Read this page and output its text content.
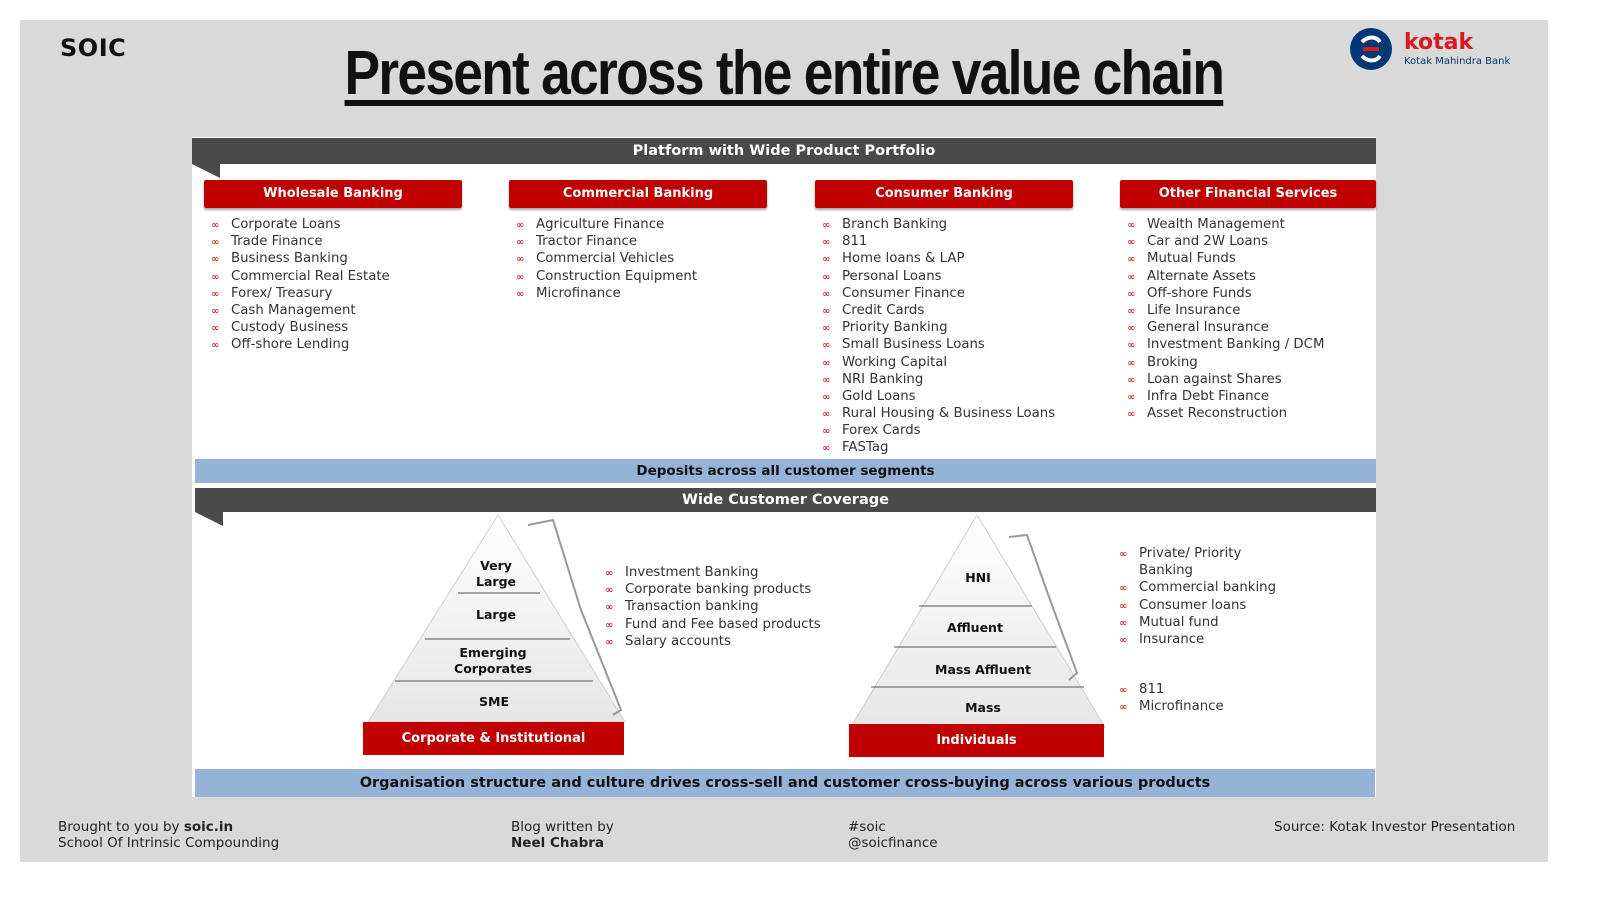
SOIC	Present across the entire value chain	kotak
Kotak Mahindra Bank
Platform with Wide Product Portfolio
Wholesale Banking	Commercial Banking	Consumer Banking	Other Financial Services
∞ Corporate Loans
∞ Trade Finance
∞ Business Banking
∞ Commercial Real Estate
∞ Forex/ Treasury
∞ Cash Management
∞ Custody Business
∞ Off-shore Lending
∞ Agriculture Finance
∞ Tractor Finance
∞ Commercial Vehicles
∞ Construction Equipment
∞ Microfinance
∞ Branch Banking
∞ 811
∞ Home loans & LAP
∞ Personal Loans
∞ Consumer Finance
∞ Credit Cards
∞ Priority Banking
∞ Small Business Loans
∞ Working Capital
∞ NRI Banking
∞ Gold Loans
∞ Rural Housing & Business Loans
∞ Forex Cards
∞ FASTag
∞ Wealth Management
∞ Car and 2W Loans
∞ Mutual Funds
∞ Alternate Assets
∞ Off-shore Funds
∞ Life Insurance
∞ General Insurance
∞ Investment Banking / DCM
∞ Broking
∞ Loan against Shares
∞ Infra Debt Finance
∞ Asset Reconstruction
Deposits across all customer segments
Wide Customer Coverage
Very
Large
Large
Emerging
Corporates
SME
Corporate & Institutional
∞ Investment Banking
∞ Corporate banking products
∞ Transaction banking
∞ Fund and Fee based products
∞ Salary accounts
HNI
Affluent
Mass Affluent
Mass
Individuals
∞ Private/ Priority
Banking
∞ Commercial banking
∞ Consumer loans
∞ Mutual fund
∞ Insurance
∞ 811
∞ Microfinance
Organisation structure and culture drives cross-sell and customer cross-buying across various products
Brought to you by soic.in
School Of Intrinsic Compounding
Blog written by
Neel Chabra
#soic
@soicfinance
Source: Kotak Investor Presentation
